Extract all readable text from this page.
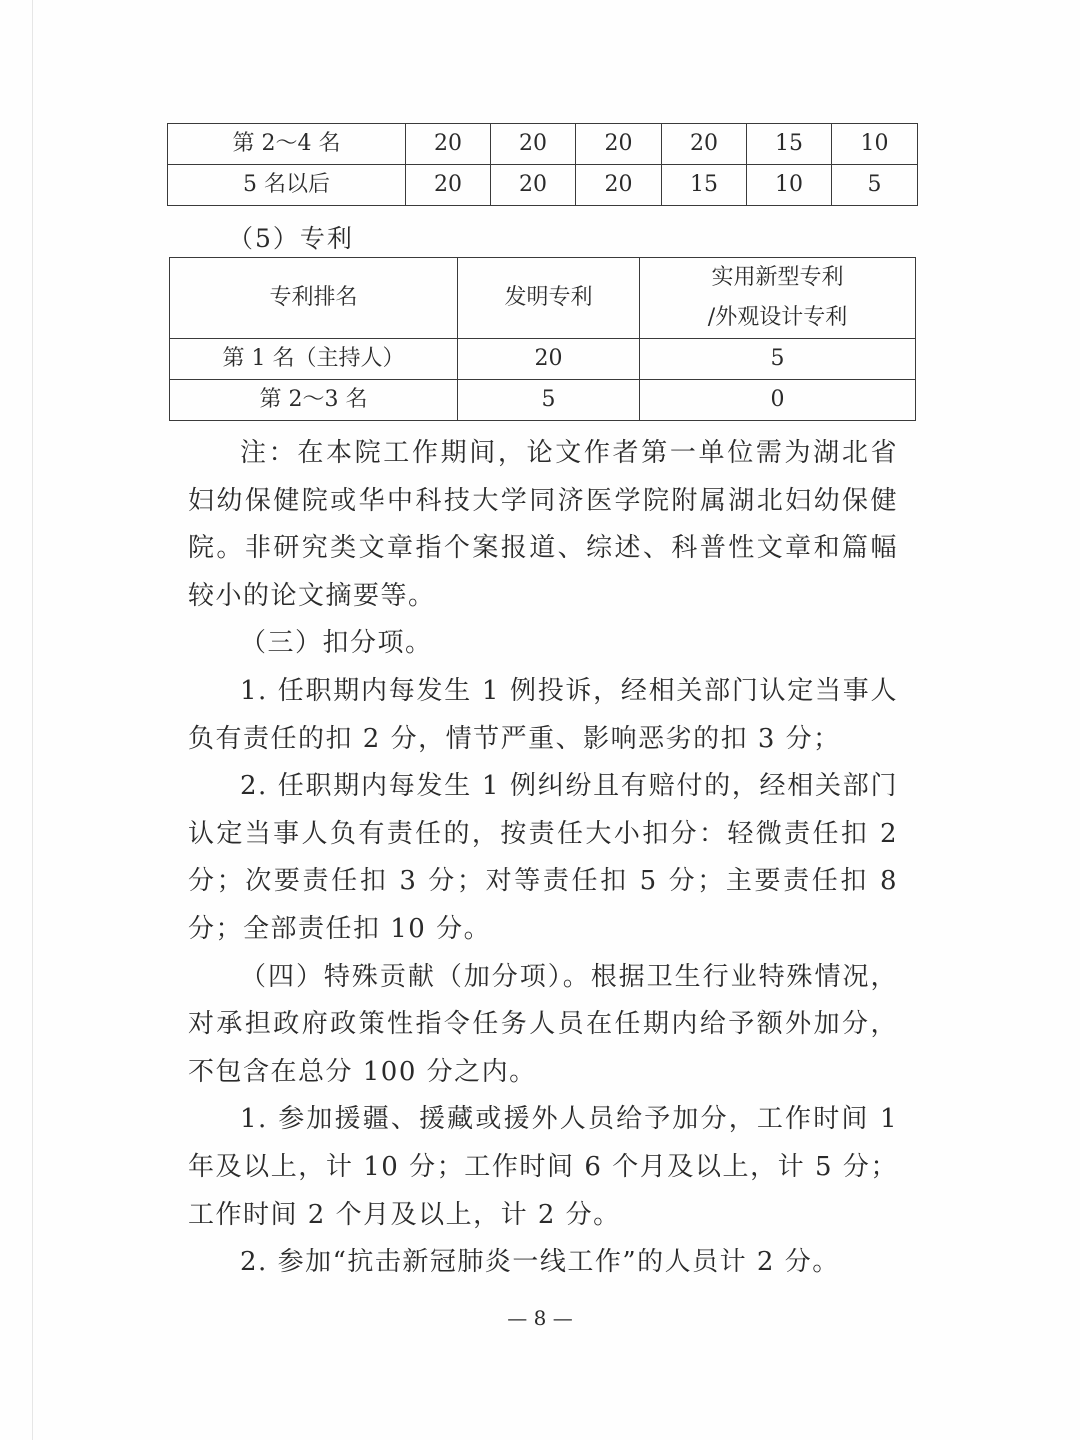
第 2～4 名	20	20	20	20	15	10
5 名以后	20	20	20	15	10	5
（5）专利
专利排名	发明专利	实用新型专利
/外观设计专利

第 1 名（主持人）	20	5
第 2～3 名	5	0

注：在本院工作期间，论文作者第一单位需为湖北省妇幼保健院或华中科技大学同济医学院附属湖北妇幼保健院。非研究类文章指个案报道、综述、科普性文章和篇幅较小的论文摘要等。

（三）扣分项。

1. 任职期内每发生 1 例投诉，经相关部门认定当事人负有责任的扣 2 分，情节严重、影响恶劣的扣 3 分；

2. 任职期内每发生 1 例纠纷且有赔付的，经相关部门认定当事人负有责任的，按责任大小扣分：轻微责任扣 2 分；次要责任扣 3 分；对等责任扣 5 分；主要责任扣 8 分；全部责任扣 10 分。

（四）特殊贡献（加分项）。根据卫生行业特殊情况，对承担政府政策性指令任务人员在任期内给予额外加分，不包含在总分 100 分之内。

1. 参加援疆、援藏或援外人员给予加分，工作时间 1 年及以上，计 10 分；工作时间 6 个月及以上，计 5 分；工作时间 2 个月及以上，计 2 分。

2. 参加“抗击新冠肺炎一线工作”的人员计 2 分。

— 8 —
